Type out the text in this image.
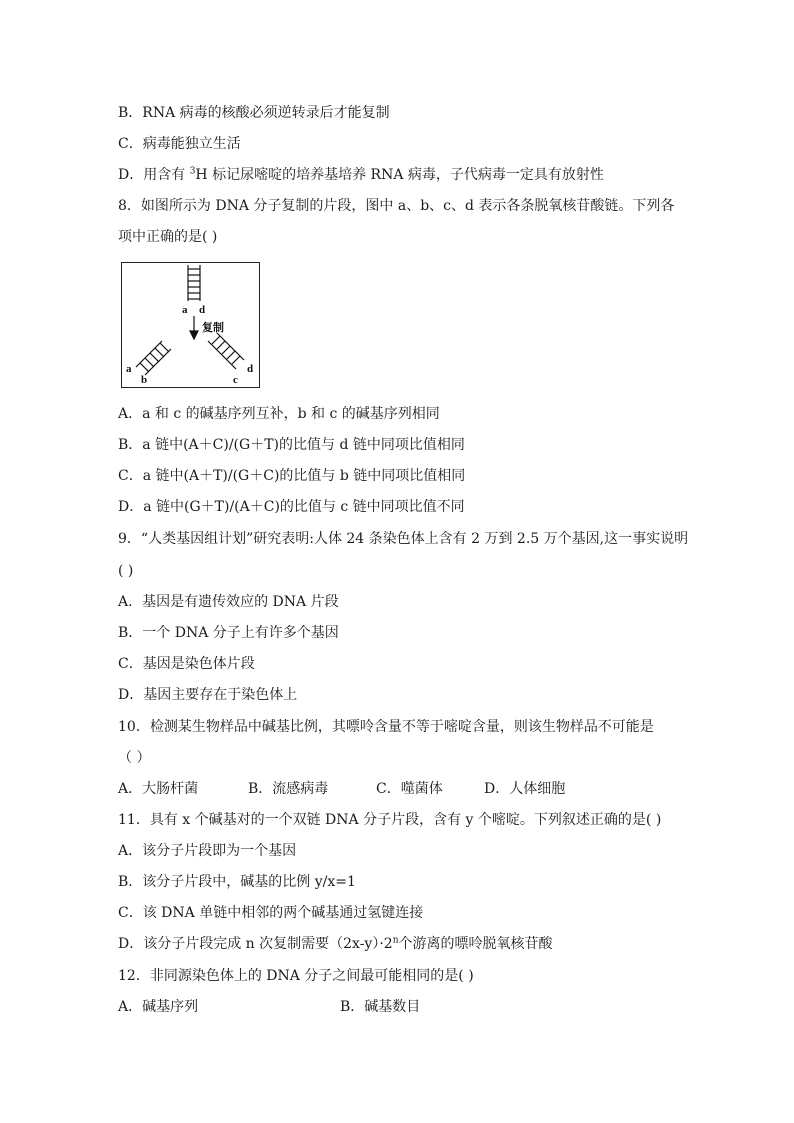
B．RNA 病毒的核酸必须逆转录后才能复制
C．病毒能独立生活
D．用含有 $^3$H 标记尿嘧啶的培养基培养 RNA 病毒，子代病毒一定具有放射性
8．如图所示为 DNA 分子复制的片段，图中 a、b、c、d 表示各条脱氧核苷酸链。下列各
项中正确的是( )
a d
复制
a
b	c
d
A．a 和 c 的碱基序列互补，b 和 c 的碱基序列相同
B．a 链中(A＋C)/(G＋T)的比值与 d 链中同项比值相同
C．a 链中(A＋T)/(G＋C)的比值与 b 链中同项比值相同
D．a 链中(G＋T)/(A＋C)的比值与 c 链中同项比值不同
9．“人类基因组计划”研究表明:人体 24 条染色体上含有 2 万到 2.5 万个基因,这一事实说明
( )
A．基因是有遗传效应的 DNA 片段
B．一个 DNA 分子上有许多个基因
C．基因是染色体片段
D．基因主要存在于染色体上
10．检测某生物样品中碱基比例，其嘌呤含量不等于嘧啶含量，则该生物样品不可能是
（ ）
A．大肠杆菌	B．流感病毒	C．噬菌体	D．人体细胞
11．具有 x 个碱基对的一个双链 DNA 分子片段，含有 y 个嘧啶。下列叙述正确的是( )
A．该分子片段即为一个基因
B．该分子片段中，碱基的比例 y/x=1
C．该 DNA 单链中相邻的两个碱基通过氢键连接
D．该分子片段完成 n 次复制需要$(2x-y)\cdot 2^n$个游离的嘌呤脱氧核苷酸
12．非同源染色体上的 DNA 分子之间最可能相同的是( )
A．碱基序列	B．碱基数目
